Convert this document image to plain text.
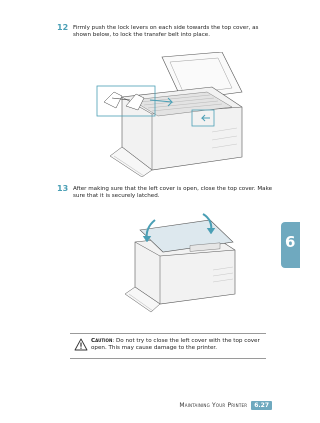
12 Firmly push the lock levers on each side towards the top cover, as shown below, to lock the transfer belt into place.
13 After making sure that the left cover is open, close the top cover. Make sure that it is securely latched.
6
Caution: Do not try to close the left cover with the top cover open. This may cause damage to the printer.
Maintaining Your Printer	6.27
